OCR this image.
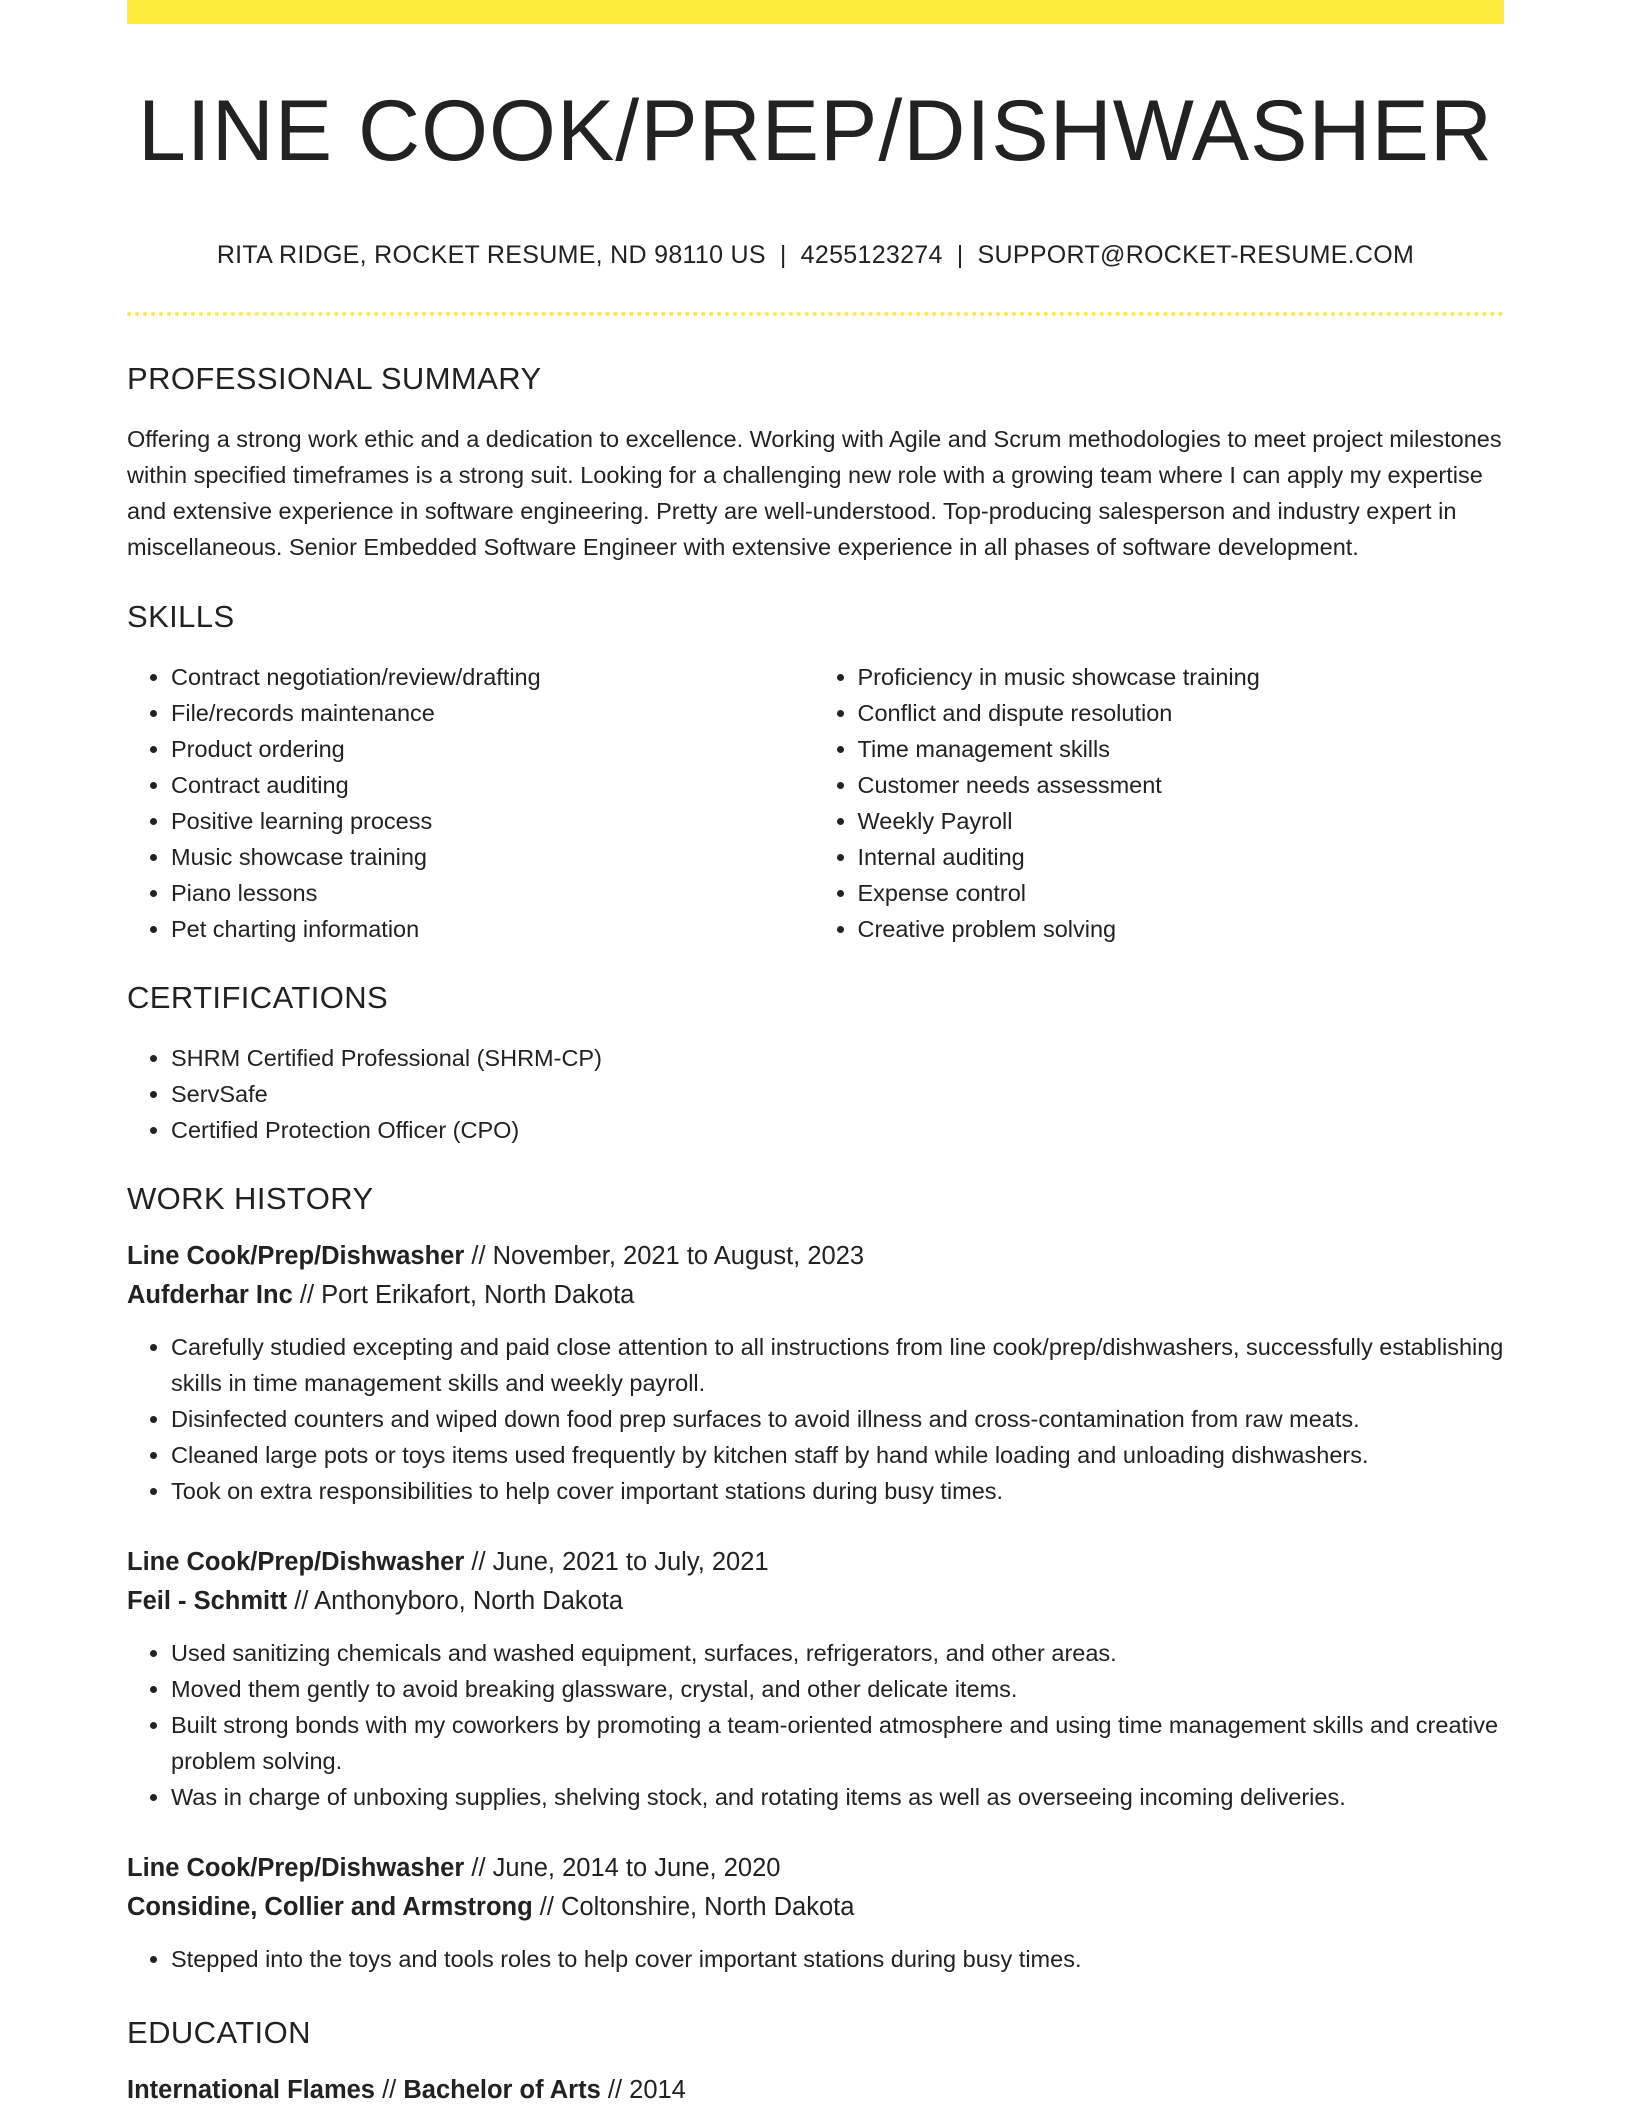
LINE COOK/PREP/DISHWASHER
RITA RIDGE, ROCKET RESUME, ND 98110 US | 4255123274 | SUPPORT@ROCKET-RESUME.COM
PROFESSIONAL SUMMARY
Offering a strong work ethic and a dedication to excellence. Working with Agile and Scrum methodologies to meet project milestones within specified timeframes is a strong suit. Looking for a challenging new role with a growing team where I can apply my expertise and extensive experience in software engineering. Pretty are well-understood. Top-producing salesperson and industry expert in miscellaneous. Senior Embedded Software Engineer with extensive experience in all phases of software development.
SKILLS
• Contract negotiation/review/drafting
• File/records maintenance
• Product ordering
• Contract auditing
• Positive learning process
• Music showcase training
• Piano lessons
• Pet charting information
• Proficiency in music showcase training
• Conflict and dispute resolution
• Time management skills
• Customer needs assessment
• Weekly Payroll
• Internal auditing
• Expense control
• Creative problem solving
CERTIFICATIONS
• SHRM Certified Professional (SHRM-CP)
• ServSafe
• Certified Protection Officer (CPO)
WORK HISTORY
Line Cook/Prep/Dishwasher // November, 2021 to August, 2023
Aufderhar Inc // Port Erikafort, North Dakota
• Carefully studied excepting and paid close attention to all instructions from line cook/prep/dishwashers, successfully establishing skills in time management skills and weekly payroll.
• Disinfected counters and wiped down food prep surfaces to avoid illness and cross-contamination from raw meats.
• Cleaned large pots or toys items used frequently by kitchen staff by hand while loading and unloading dishwashers.
• Took on extra responsibilities to help cover important stations during busy times.
Line Cook/Prep/Dishwasher // June, 2021 to July, 2021
Feil - Schmitt // Anthonyboro, North Dakota
• Used sanitizing chemicals and washed equipment, surfaces, refrigerators, and other areas.
• Moved them gently to avoid breaking glassware, crystal, and other delicate items.
• Built strong bonds with my coworkers by promoting a team-oriented atmosphere and using time management skills and creative problem solving.
• Was in charge of unboxing supplies, shelving stock, and rotating items as well as overseeing incoming deliveries.
Line Cook/Prep/Dishwasher // June, 2014 to June, 2020
Considine, Collier and Armstrong // Coltonshire, North Dakota
• Stepped into the toys and tools roles to help cover important stations during busy times.
EDUCATION
International Flames // Bachelor of Arts // 2014
